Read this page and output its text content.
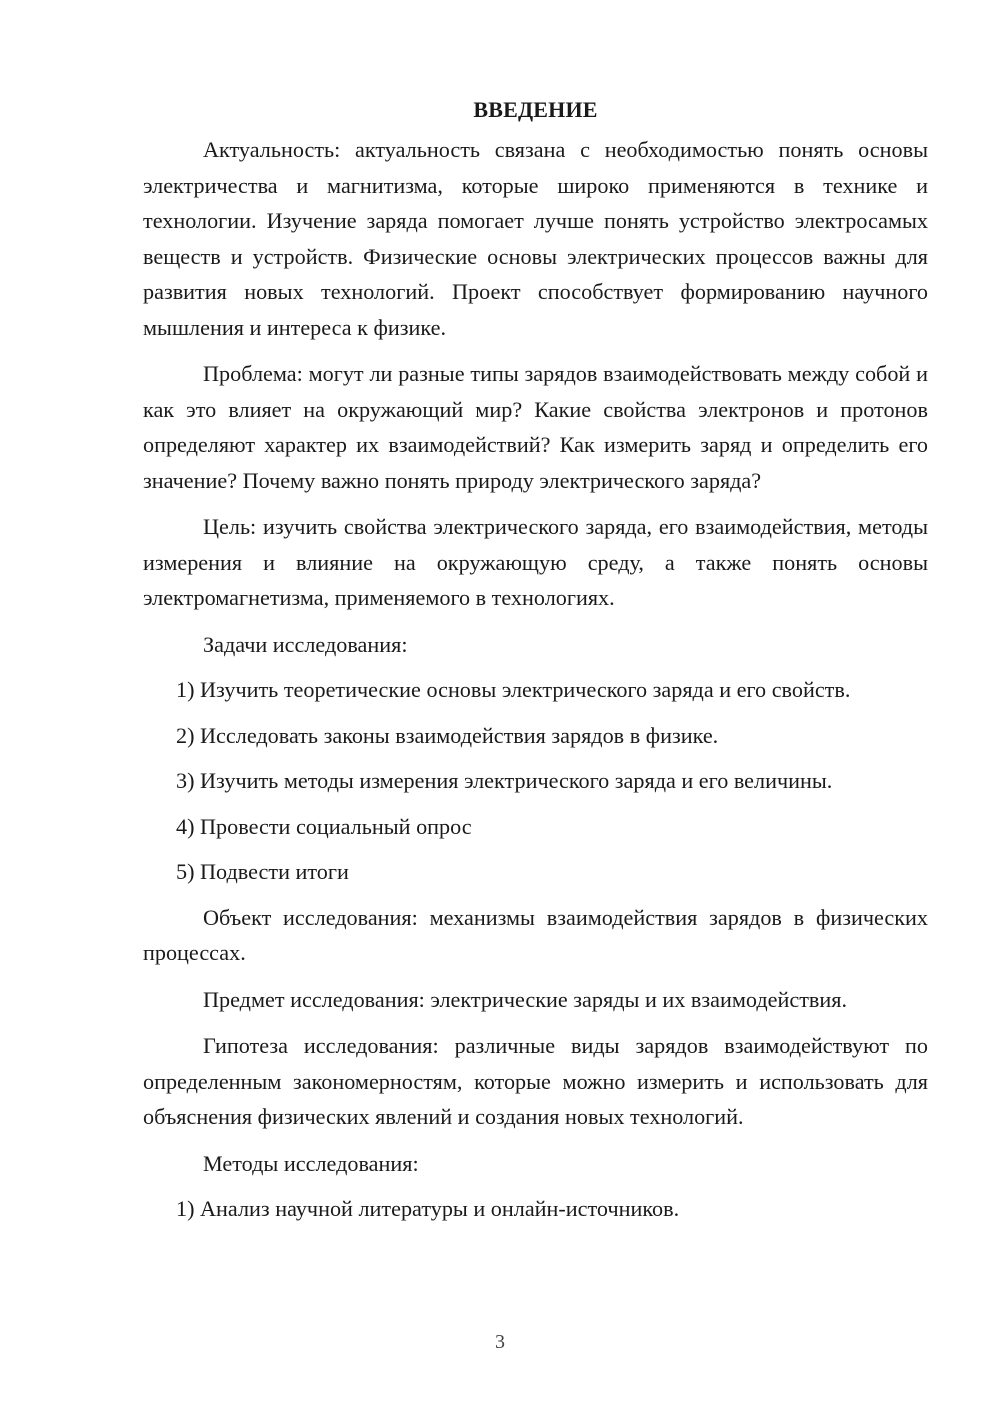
ВВЕДЕНИЕ

Актуальность: актуальность связана с необходимостью понять основы электричества и магнитизма, которые широко применяются в технике и технологии. Изучение заряда помогает лучше понять устройство электросамых веществ и устройств. Физические основы электрических процессов важны для развития новых технологий. Проект способствует формированию научного мышления и интереса к физике.

Проблема: могут ли разные типы зарядов взаимодействовать между собой и как это влияет на окружающий мир? Какие свойства электронов и протонов определяют характер их взаимодействий? Как измерить заряд и определить его значение? Почему важно понять природу электрического заряда?

Цель: изучить свойства электрического заряда, его взаимодействия, методы измерения и влияние на окружающую среду, а также понять основы электромагнетизма, применяемого в технологиях.

Задачи исследования:
1) Изучить теоретические основы электрического заряда и его свойств.
2) Исследовать законы взаимодействия зарядов в физике.
3) Изучить методы измерения электрического заряда и его величины.
4) Провести социальный опрос
5) Подвести итоги

Объект исследования: механизмы взаимодействия зарядов в физических процессах.

Предмет исследования: электрические заряды и их взаимодействия.

Гипотеза исследования: различные виды зарядов взаимодействуют по определенным закономерностям, которые можно измерить и использовать для объяснения физических явлений и создания новых технологий.

Методы исследования:
1) Анализ научной литературы и онлайн-источников.
3
